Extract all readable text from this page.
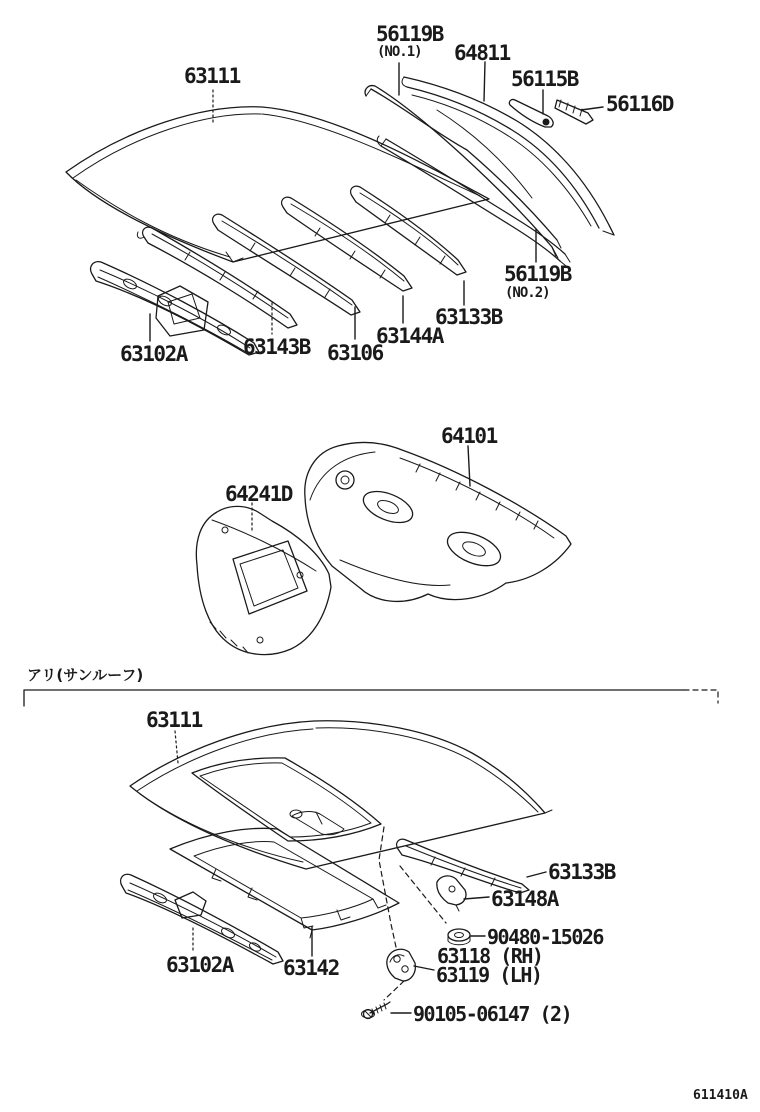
63111
56119B
(NO.1) 64811
56115B
56116D
56119B
(NO.2)
63133B
63144A
63143B 63106
63102A
64101
64241D
アリ(サンルーフ)
63111
63133B
63148A
90480-15026
63118 (RH)
63119 (LH)
63102A 63142
90105-06147 (2)
611410A
